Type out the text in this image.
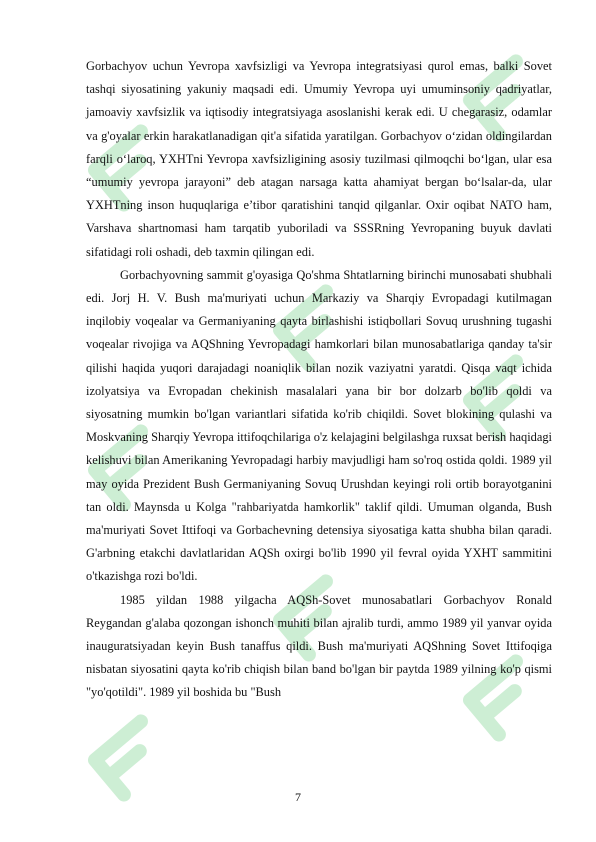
Gorbachyov uchun Yevropa xavfsizligi va Yevropa integratsiyasi qurol emas, balki Sovet tashqi siyosatining yakuniy maqsadi edi. Umumiy Yevropa uyi umuminsoniy qadriyatlar, jamoaviy xavfsizlik va iqtisodiy integratsiyaga asoslanishi kerak edi. U chegarasiz, odamlar va g'oyalar erkin harakatlanadigan qit'a sifatida yaratilgan. Gorbachyov o‘zidan oldingilardan farqli o‘laroq, YXHTni Yevropa xavfsizligining asosiy tuzilmasi qilmoqchi bo‘lgan, ular esa “umumiy yevropa jarayoni” deb atagan narsaga katta ahamiyat bergan bo‘lsalar-da, ular YXHTning inson huquqlariga e’tibor qaratishini tanqid qilganlar. Oxir oqibat NATO ham, Varshava shartnomasi ham tarqatib yuboriladi va SSSRning Yevropaning buyuk davlati sifatidagi roli oshadi, deb taxmin qilingan edi.

Gorbachyovning sammit g'oyasiga Qo'shma Shtatlarning birinchi munosabati shubhali edi. Jorj H. V. Bush ma'muriyati uchun Markaziy va Sharqiy Evropadagi kutilmagan inqilobiy voqealar va Germaniyaning qayta birlashishi istiqbollari Sovuq urushning tugashi voqealar rivojiga va AQShning Yevropadagi hamkorlari bilan munosabatlariga qanday ta'sir qilishi haqida yuqori darajadagi noaniqlik bilan nozik vaziyatni yaratdi. Qisqa vaqt ichida izolyatsiya va Evropadan chekinish masalalari yana bir bor dolzarb bo'lib qoldi va siyosatning mumkin bo'lgan variantlari sifatida ko'rib chiqildi. Sovet blokining qulashi va Moskvaning Sharqiy Yevropa ittifoqchilariga o'z kelajagini belgilashga ruxsat berish haqidagi kelishuvi bilan Amerikaning Yevropadagi harbiy mavjudligi ham so'roq ostida qoldi. 1989 yil may oyida Prezident Bush Germaniyaning Sovuq Urushdan keyingi roli ortib borayotganini tan oldi. Maynsda u Kolga "rahbariyatda hamkorlik" taklif qildi. Umuman olganda, Bush ma'muriyati Sovet Ittifoqi va Gorbachevning detensiya siyosatiga katta shubha bilan qaradi. G'arbning etakchi davlatlaridan AQSh oxirgi bo'lib 1990 yil fevral oyida YXHT sammitini o'tkazishga rozi bo'ldi.

1985 yildan 1988 yilgacha AQSh-Sovet munosabatlari Gorbachyov Ronald Reygandan g'alaba qozongan ishonch muhiti bilan ajralib turdi, ammo 1989 yil yanvar oyida inauguratsiyadan keyin Bush tanaffus qildi. Bush ma'muriyati AQShning Sovet Ittifoqiga nisbatan siyosatini qayta ko'rib chiqish bilan band bo'lgan bir paytda 1989 yilning ko'p qismi "yo'qotildi". 1989 yil boshida bu "Bush

7
